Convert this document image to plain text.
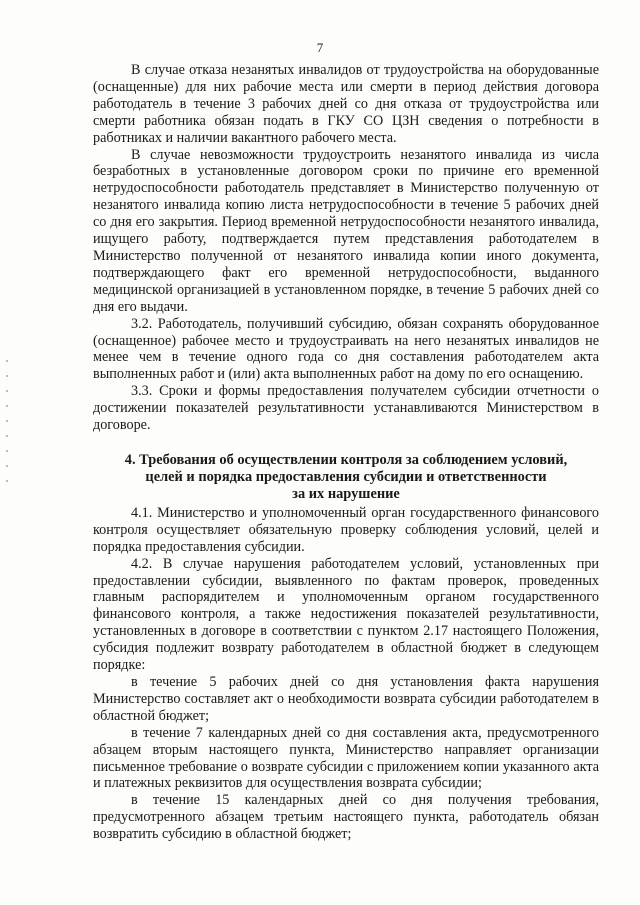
7

В случае отказа незанятых инвалидов от трудоустройства на оборудованные (оснащенные) для них рабочие места или смерти в период действия договора работодатель в течение 3 рабочих дней со дня отказа от трудоустройства или смерти работника обязан подать в ГКУ СО ЦЗН сведения о потребности в работниках и наличии вакантного рабочего места.

В случае невозможности трудоустроить незанятого инвалида из числа безработных в установленные договором сроки по причине его временной нетрудоспособности работодатель представляет в Министерство полученную от незанятого инвалида копию листа нетрудоспособности в течение 5 рабочих дней со дня его закрытия. Период временной нетрудоспособности незанятого инвалида, ищущего работу, подтверждается путем представления работодателем в Министерство полученной от незанятого инвалида копии иного документа, подтверждающего факт его временной нетрудоспособности, выданного медицинской организацией в установленном порядке, в течение 5 рабочих дней со дня его выдачи.

3.2. Работодатель, получивший субсидию, обязан сохранять оборудованное (оснащенное) рабочее место и трудоустраивать на него незанятых инвалидов не менее чем в течение одного года со дня составления работодателем акта выполненных работ и (или) акта выполненных работ на дому по его оснащению.

3.3. Сроки и формы предоставления получателем субсидии отчетности о достижении показателей результативности устанавливаются Министерством в договоре.

4. Требования об осуществлении контроля за соблюдением условий,
целей и порядка предоставления субсидии и ответственности
за их нарушение

4.1. Министерство и уполномоченный орган государственного финансового контроля осуществляет обязательную проверку соблюдения условий, целей и порядка предоставления субсидии.

4.2. В случае нарушения работодателем условий, установленных при предоставлении субсидии, выявленного по фактам проверок, проведенных главным распорядителем и уполномоченным органом государственного финансового контроля, а также недостижения показателей результативности, установленных в договоре в соответствии с пунктом 2.17 настоящего Положения, субсидия подлежит возврату работодателем в областной бюджет в следующем порядке:

в течение 5 рабочих дней со дня установления факта нарушения Министерство составляет акт о необходимости возврата субсидии работодателем в областной бюджет;

в течение 7 календарных дней со дня составления акта, предусмотренного абзацем вторым настоящего пункта, Министерство направляет организации письменное требование о возврате субсидии с приложением копии указанного акта и платежных реквизитов для осуществления возврата субсидии;

в течение 15 календарных дней со дня получения требования, предусмотренного абзацем третьим настоящего пункта, работодатель обязан возвратить субсидию в областной бюджет;
